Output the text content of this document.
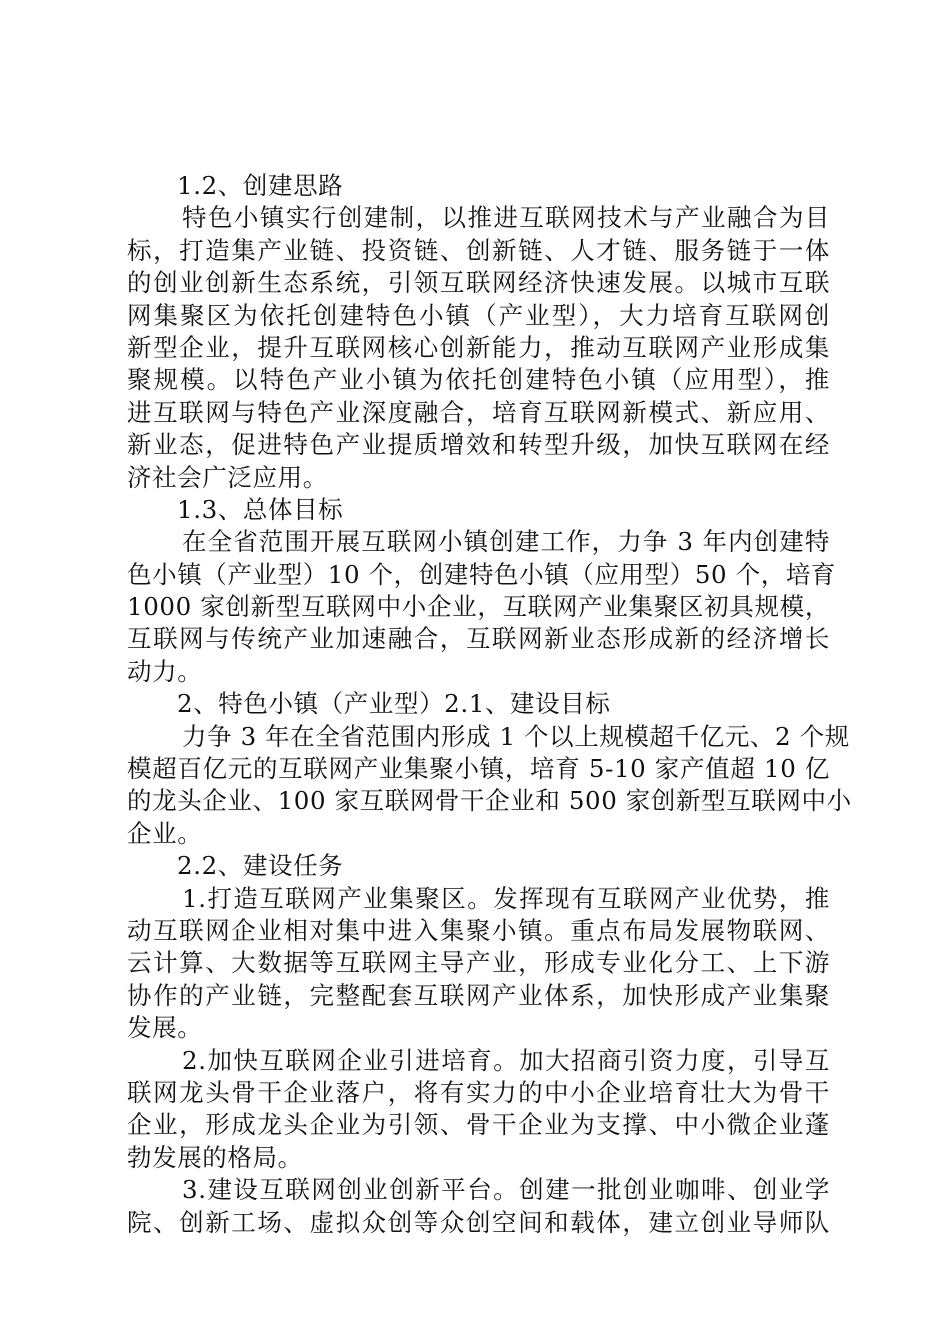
1.2、创建思路
特色小镇实行创建制，以推进互联网技术与产业融合为目
标，打造集产业链、投资链、创新链、人才链、服务链于一体
的创业创新生态系统，引领互联网经济快速发展。以城市互联
网集聚区为依托创建特色小镇（产业型），大力培育互联网创
新型企业，提升互联网核心创新能力，推动互联网产业形成集
聚规模。以特色产业小镇为依托创建特色小镇（应用型），推
进互联网与特色产业深度融合，培育互联网新模式、新应用、
新业态，促进特色产业提质增效和转型升级，加快互联网在经
济社会广泛应用。
1.3、总体目标
在全省范围开展互联网小镇创建工作，力争 3 年内创建特
色小镇（产业型）10 个，创建特色小镇（应用型）50 个，培育
1000 家创新型互联网中小企业，互联网产业集聚区初具规模，
互联网与传统产业加速融合，互联网新业态形成新的经济增长
动力。
2、特色小镇（产业型）2.1、建设目标
力争 3 年在全省范围内形成 1 个以上规模超千亿元、2 个规
模超百亿元的互联网产业集聚小镇，培育 5-10 家产值超 10 亿
的龙头企业、100 家互联网骨干企业和 500 家创新型互联网中小
企业。
2.2、建设任务
1.打造互联网产业集聚区。发挥现有互联网产业优势，推
动互联网企业相对集中进入集聚小镇。重点布局发展物联网、
云计算、大数据等互联网主导产业，形成专业化分工、上下游
协作的产业链，完整配套互联网产业体系，加快形成产业集聚
发展。
2.加快互联网企业引进培育。加大招商引资力度，引导互
联网龙头骨干企业落户，将有实力的中小企业培育壮大为骨干
企业，形成龙头企业为引领、骨干企业为支撑、中小微企业蓬
勃发展的格局。
3.建设互联网创业创新平台。创建一批创业咖啡、创业学
院、创新工场、虚拟众创等众创空间和载体，建立创业导师队
